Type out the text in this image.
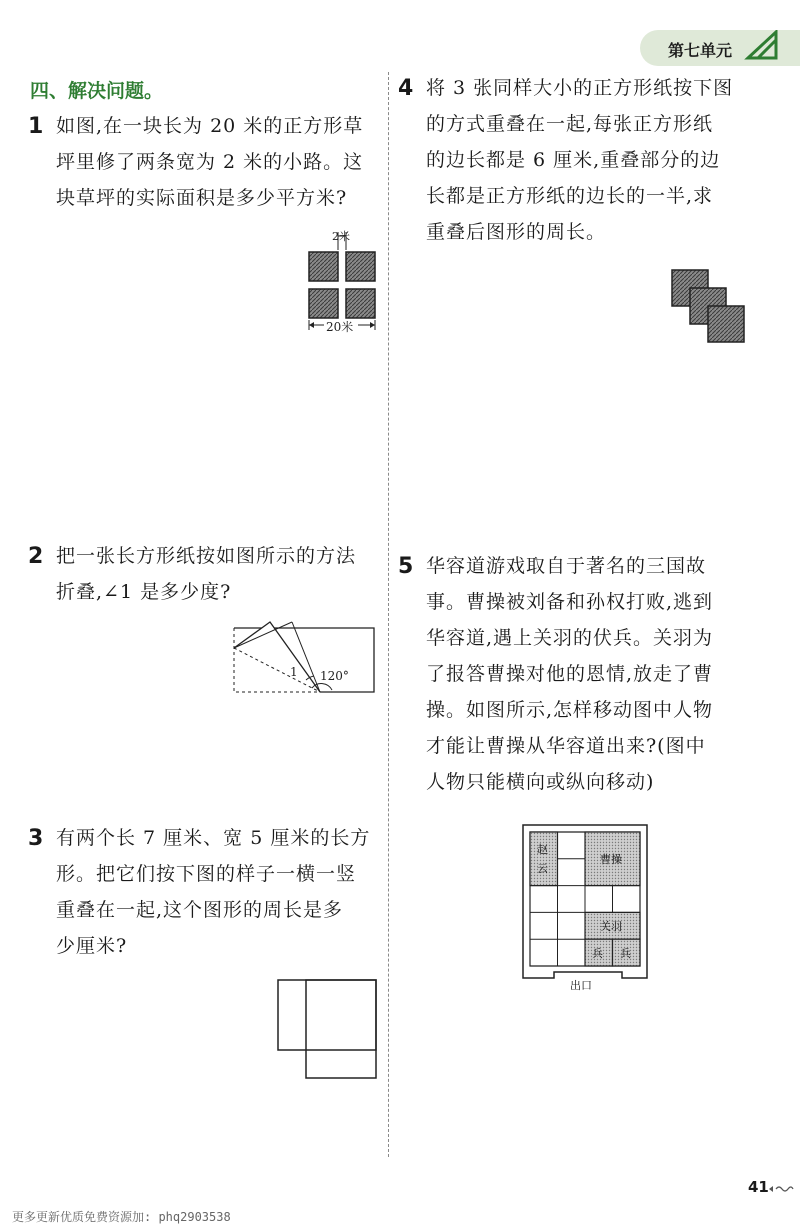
第七单元
四、解决问题。
1 如图,在一块长为 20 米的正方形草
坪里修了两条宽为 2 米的小路。这
块草坪的实际面积是多少平方米?
2米
20米
2 把一张长方形纸按如图所示的方法
折叠,∠1 是多少度?
1 120°
3 有两个长 7 厘米、宽 5 厘米的长方
形。把它们按下图的样子一横一竖
重叠在一起,这个图形的周长是多
少厘米?
4 将 3 张同样大小的正方形纸按下图
的方式重叠在一起,每张正方形纸
的边长都是 6 厘米,重叠部分的边
长都是正方形纸的边长的一半,求
重叠后图形的周长。
5 华容道游戏取自于著名的三国故
事。曹操被刘备和孙权打败,逃到
华容道,遇上关羽的伏兵。关羽为
了报答曹操对他的恩情,放走了曹
操。如图所示,怎样移动图中人物
才能让曹操从华容道出来?(图中
人物只能横向或纵向移动)
赵
云
曹操
关羽
兵 兵
出口
41
更多更新优质免费资源加: phq2903538
